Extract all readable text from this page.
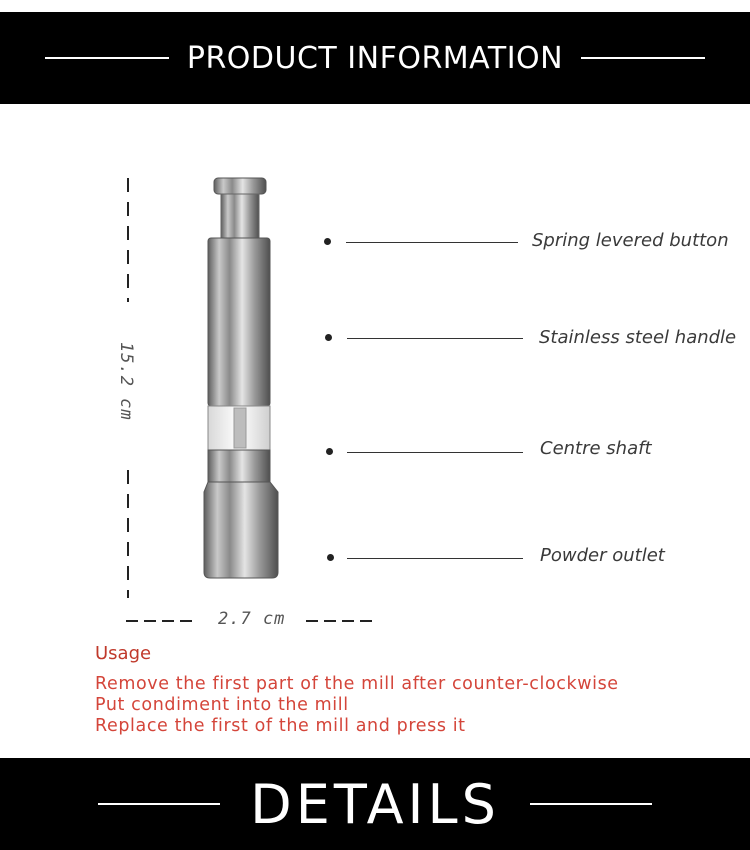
PRODUCT INFORMATION
15.2 cm
2.7 cm
Spring levered button
Stainless steel handle
Centre shaft
Powder outlet
Usage
Remove the first part of the mill after counter-clockwise
Put condiment into the mill
Replace the first of the mill and press it
DETAILS
